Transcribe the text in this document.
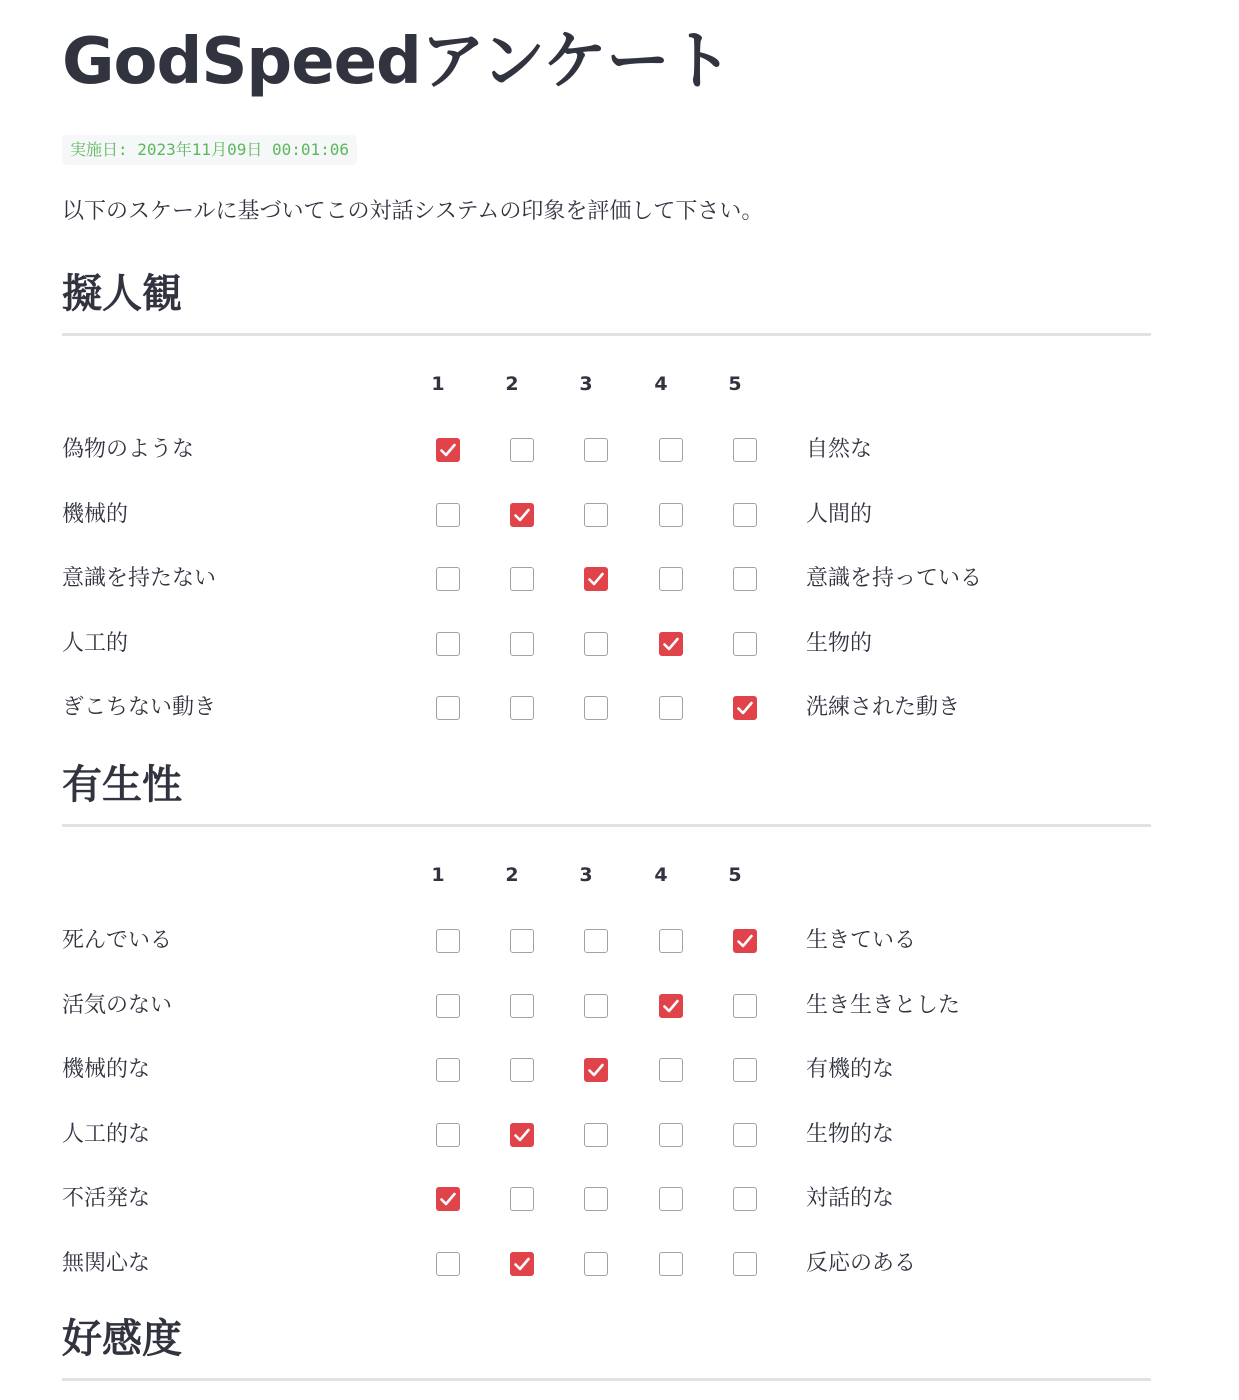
GodSpeedアンケート
実施日: 2023年11月09日 00:01:06
以下のスケールに基づいてこの対話システムの印象を評価して下さい。
擬人観
1	2	3	4	5
偽物のような	自然な
機械的	人間的
意識を持たない	意識を持っている
人工的	生物的
ぎこちない動き	洗練された動き
有生性
1	2	3	4	5
死んでいる	生きている
活気のない	生き生きとした
機械的な	有機的な
人工的な	生物的な
不活発な	対話的な
無関心な	反応のある
好感度
